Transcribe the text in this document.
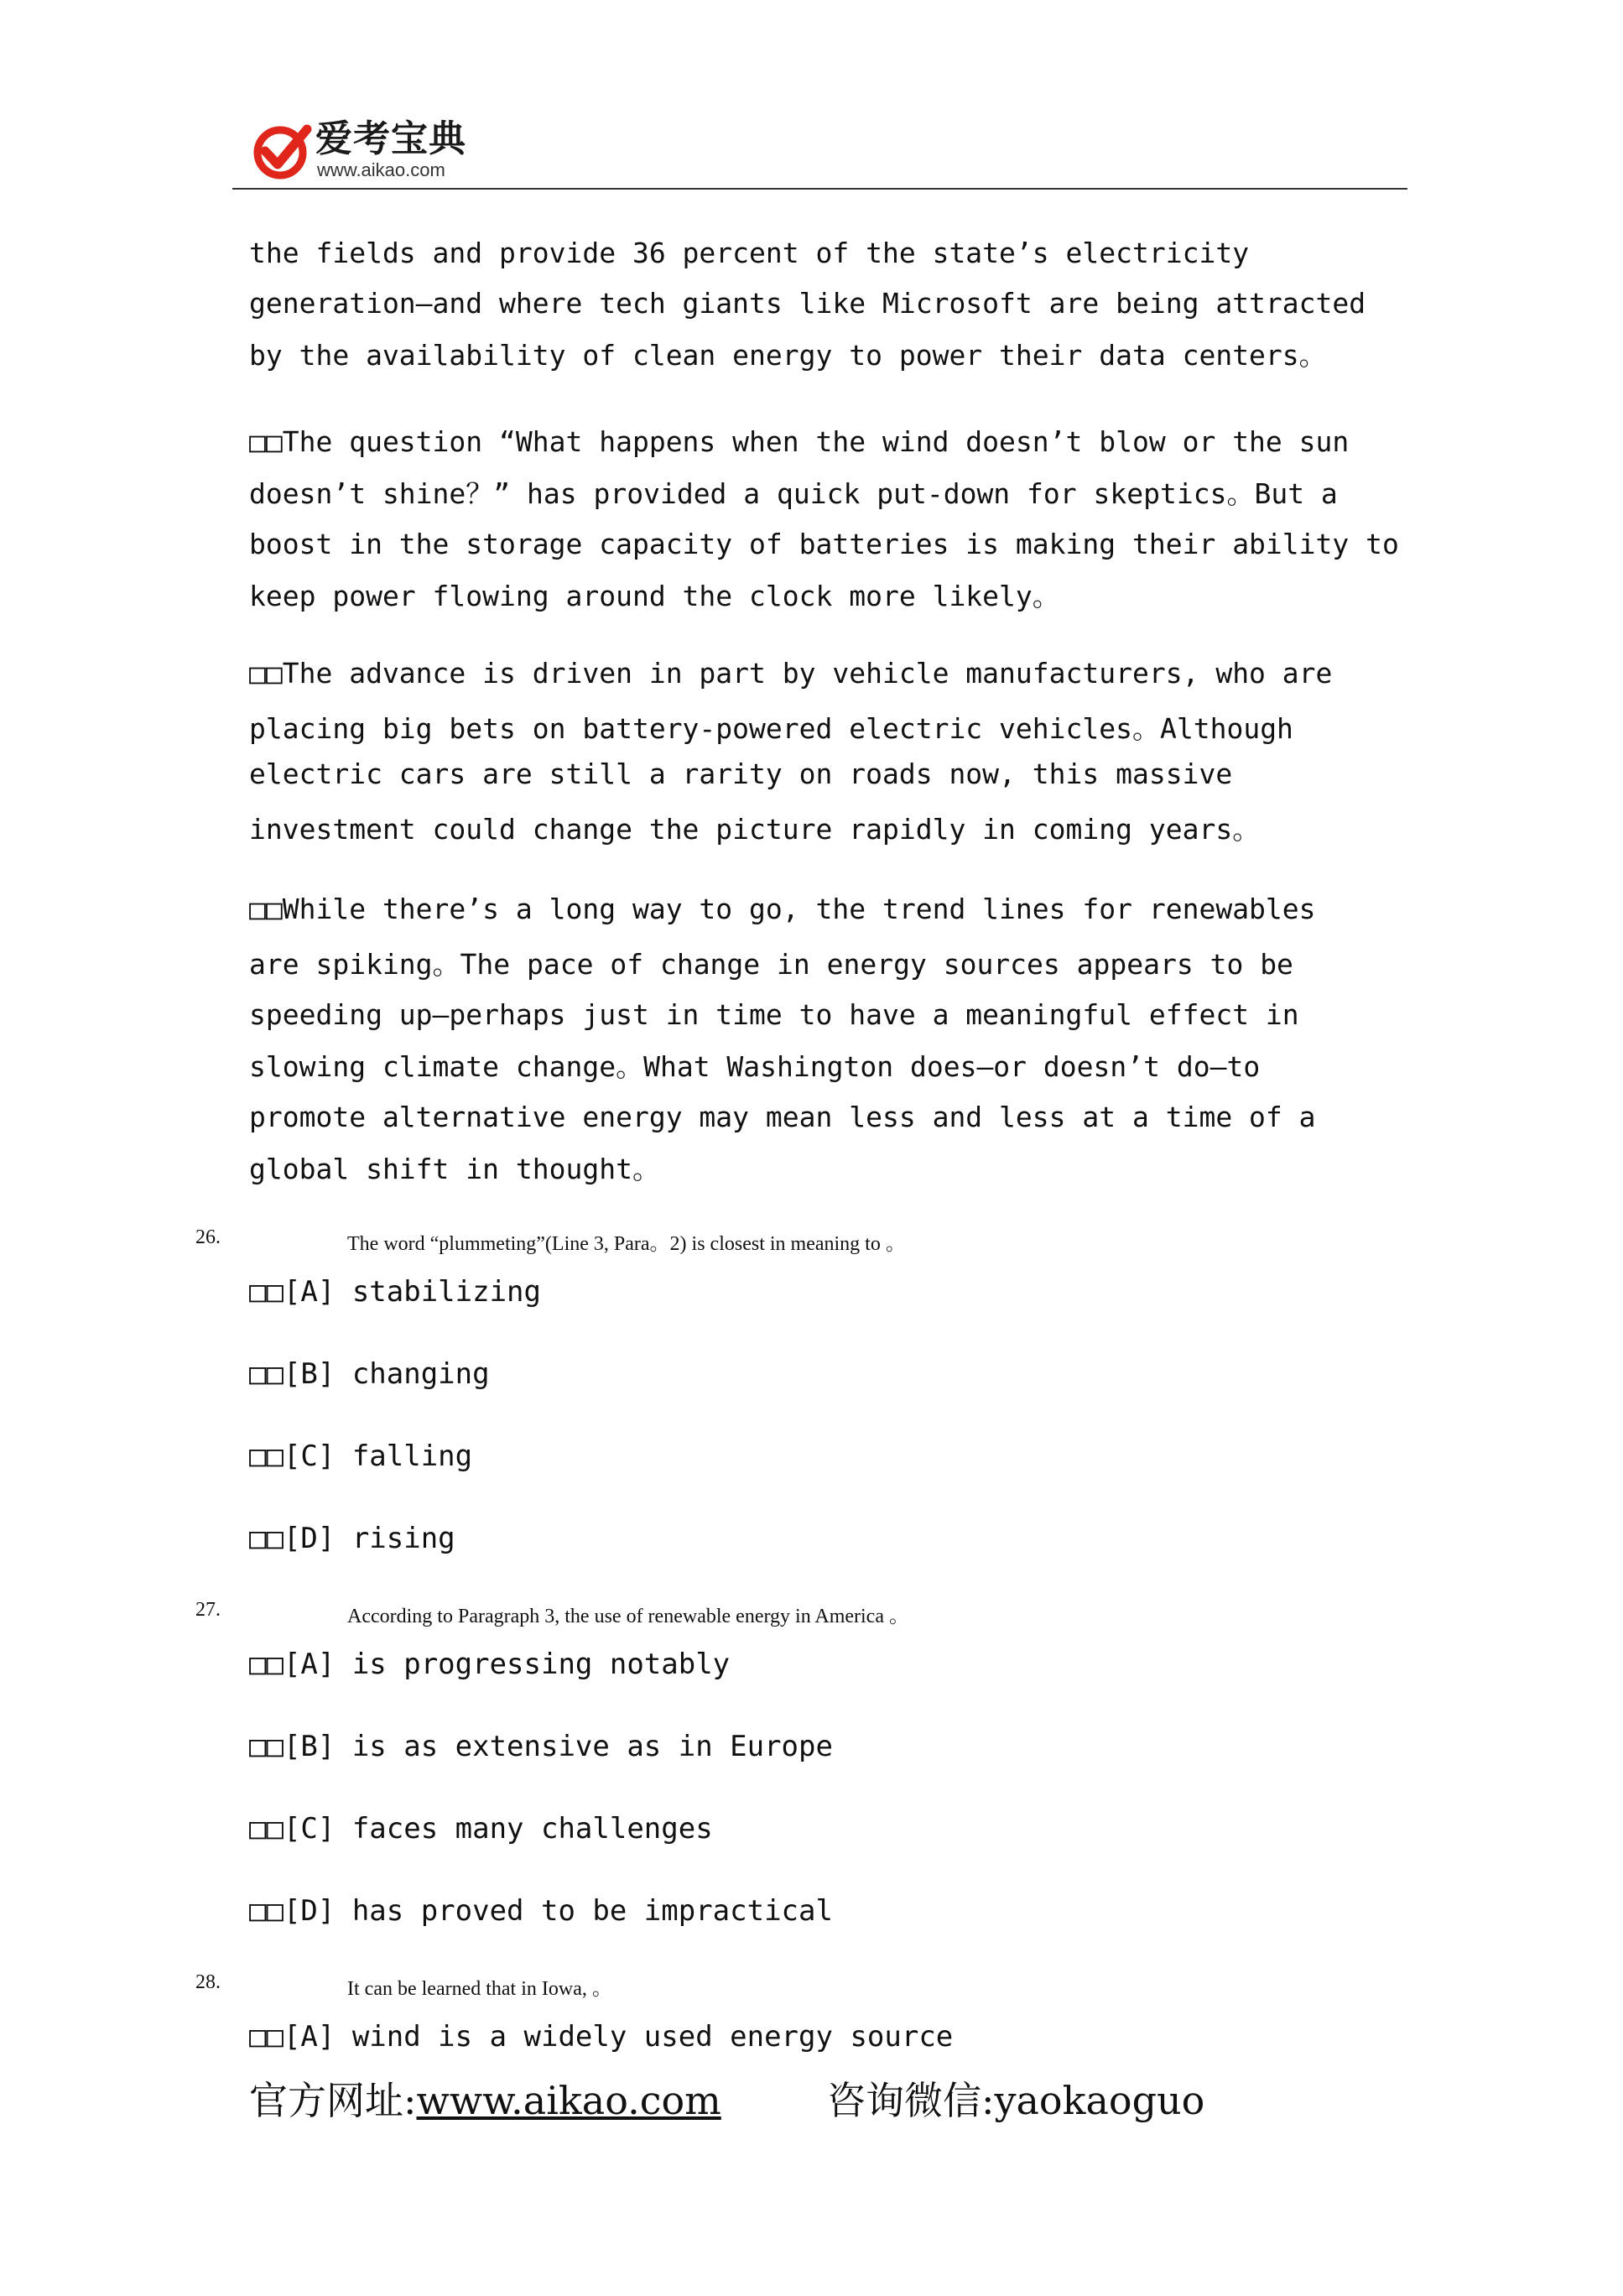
爱考宝典
www.aikao.com

the fields and provide 36 percent of the state’s electricity

generation—and where tech giants like Microsoft are being attracted

by the availability of clean energy to power their data centers。

□□The question “What happens when the wind doesn’t blow or the sun

doesn’t shine？” has provided a quick put-down for skeptics。But a

boost in the storage capacity of batteries is making their ability to

keep power flowing around the clock more likely。

□□The advance is driven in part by vehicle manufacturers, who are

placing big bets on battery-powered electric vehicles。Although

electric cars are still a rarity on roads now, this massive

investment could change the picture rapidly in coming years。

□□While there’s a long way to go, the trend lines for renewables

are spiking。The pace of change in energy sources appears to be

speeding up—perhaps just in time to have a meaningful effect in

slowing climate change。What Washington does—or doesn’t do—to

promote alternative energy may mean less and less at a time of a

global shift in thought。

26.	The word “plummeting”(Line 3, Para。2) is closest in meaning to 。
□□[A] stabilizing
□□[B] changing
□□[C] falling
□□[D] rising
27.	According to Paragraph 3, the use of renewable energy in America 。
□□[A] is progressing notably
□□[B] is as extensive as in Europe
□□[C] faces many challenges
□□[D] has proved to be impractical
28.	It can be learned that in Iowa, 。
□□[A] wind is a widely used energy source
官方网址:www.aikao.com	咨询微信:yaokaoguo
